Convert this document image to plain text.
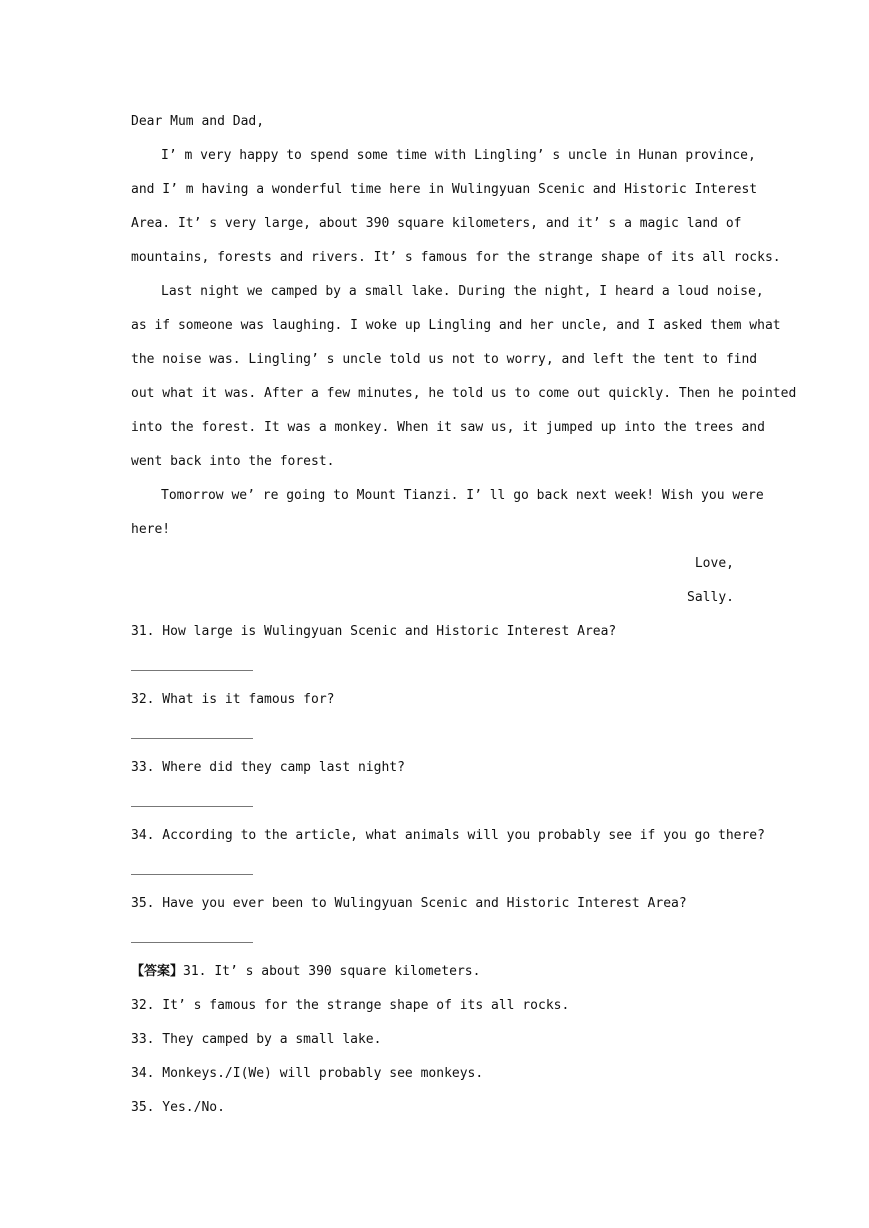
Dear Mum and Dad,
I’ m very happy to spend some time with Lingling’ s uncle in Hunan province,
and I’ m having a wonderful time here in Wulingyuan Scenic and Historic Interest
Area. It’ s very large, about 390 square kilometers, and it’ s a magic land of
mountains, forests and rivers. It’ s famous for the strange shape of its all rocks.
Last night we camped by a small lake. During the night, I heard a loud noise,
as if someone was laughing. I woke up Lingling and her uncle, and I asked them what
the noise was. Lingling’ s uncle told us not to worry, and left the tent to find
out what it was. After a few minutes, he told us to come out quickly. Then he pointed
into the forest. It was a monkey. When it saw us, it jumped up into the trees and
went back into the forest.
Tomorrow we’ re going to Mount Tianzi. I’ ll go back next week! Wish you were
here!
Love,
Sally.
31. How large is Wulingyuan Scenic and Historic Interest Area?
32. What is it famous for?
33. Where did they camp last night?
34. According to the article, what animals will you probably see if you go there?
35. Have you ever been to Wulingyuan Scenic and Historic Interest Area?
【答案】31. It’ s about 390 square kilometers.
32. It’ s famous for the strange shape of its all rocks.
33. They camped by a small lake.
34. Monkeys./I(We) will probably see monkeys.
35. Yes./No.
